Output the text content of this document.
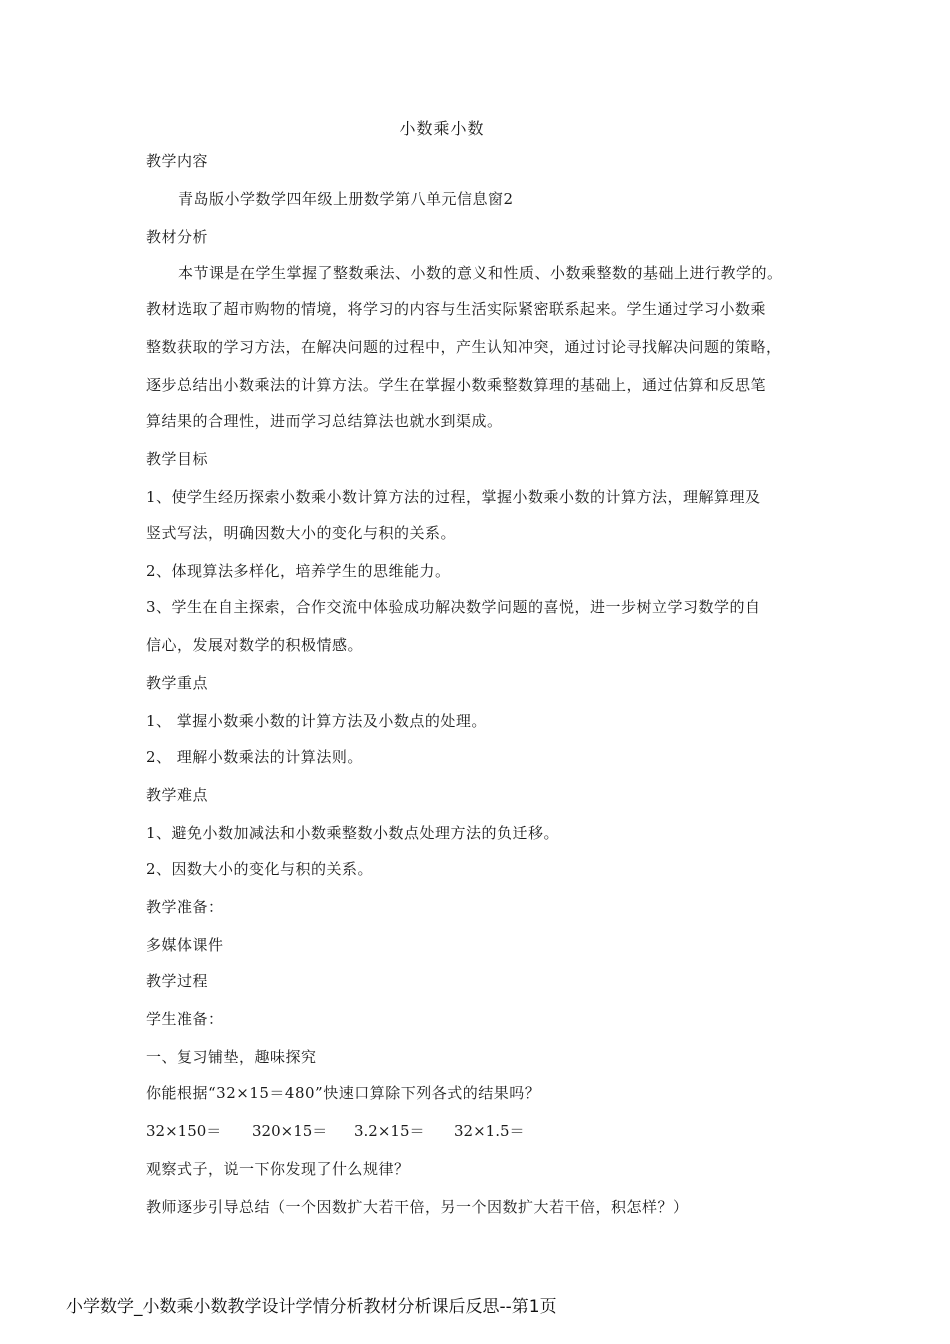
小数乘小数
教学内容
青岛版小学数学四年级上册数学第八单元信息窗2
教材分析
本节课是在学生掌握了整数乘法、小数的意义和性质、小数乘整数的基础上进行教学的。
教材选取了超市购物的情境，将学习的内容与生活实际紧密联系起来。学生通过学习小数乘
整数获取的学习方法，在解决问题的过程中，产生认知冲突，通过讨论寻找解决问题的策略，
逐步总结出小数乘法的计算方法。学生在掌握小数乘整数算理的基础上，通过估算和反思笔
算结果的合理性，进而学习总结算法也就水到渠成。
教学目标
1、使学生经历探索小数乘小数计算方法的过程，掌握小数乘小数的计算方法，理解算理及
竖式写法，明确因数大小的变化与积的关系。
2、体现算法多样化，培养学生的思维能力。
3、学生在自主探索，合作交流中体验成功解决数学问题的喜悦，进一步树立学习数学的自
信心，发展对数学的积极情感。
教学重点
1、 掌握小数乘小数的计算方法及小数点的处理。
2、 理解小数乘法的计算法则。
教学难点
1、避免小数加减法和小数乘整数小数点处理方法的负迁移。
2、因数大小的变化与积的关系。
教学准备：
多媒体课件
教学过程
学生准备：
一、复习铺垫，趣味探究
你能根据“32×15＝480”快速口算除下列各式的结果吗？
32×150＝ 320×15＝ 3.2×15＝ 32×1.5＝
观察式子，说一下你发现了什么规律？
教师逐步引导总结（一个因数扩大若干倍，另一个因数扩大若干倍，积怎样？）
小学数学_小数乘小数教学设计学情分析教材分析课后反思--第1页
